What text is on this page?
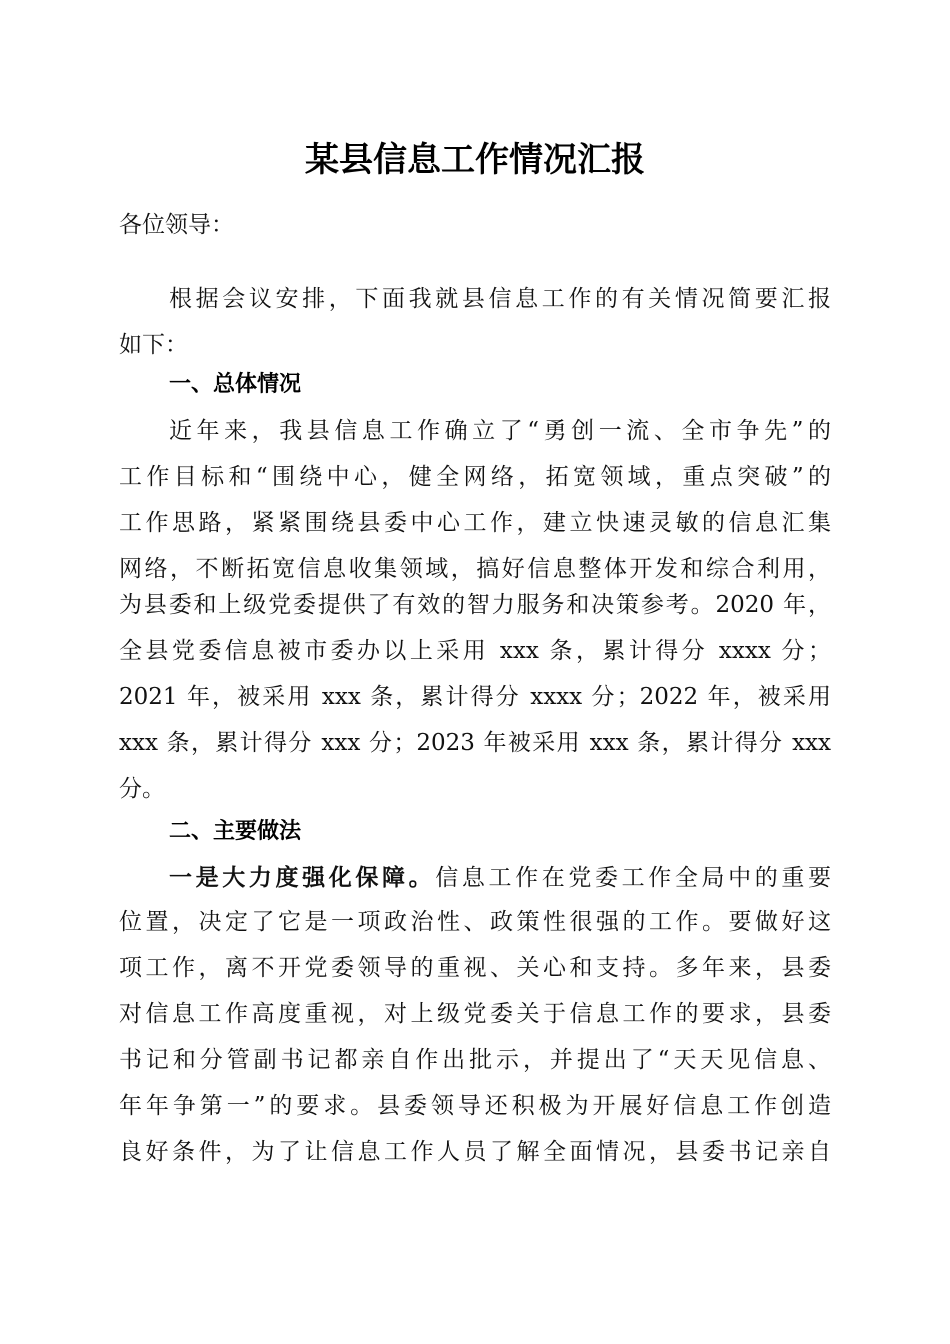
某县信息工作情况汇报
各位领导：
根据会议安排，下面我就县信息工作的有关情况简要汇报
如下：
一、总体情况
近年来，我县信息工作确立了“勇创一流、全市争先”的
工作目标和“围绕中心，健全网络，拓宽领域，重点突破”的
工作思路，紧紧围绕县委中心工作，建立快速灵敏的信息汇集
网络，不断拓宽信息收集领域，搞好信息整体开发和综合利用，
为县委和上级党委提供了有效的智力服务和决策参考。2020 年，
全县党委信息被市委办以上采用 xxx 条，累计得分 xxxx 分；
2021 年，被采用 xxx 条，累计得分 xxxx 分；2022 年，被采用
xxx 条，累计得分 xxx 分；2023 年被采用 xxx 条，累计得分 xxx
分。
二、主要做法
一是大力度强化保障。信息工作在党委工作全局中的重要
位置，决定了它是一项政治性、政策性很强的工作。要做好这
项工作，离不开党委领导的重视、关心和支持。多年来，县委
对信息工作高度重视，对上级党委关于信息工作的要求，县委
书记和分管副书记都亲自作出批示，并提出了“天天见信息、
年年争第一”的要求。县委领导还积极为开展好信息工作创造
良好条件，为了让信息工作人员了解全面情况，县委书记亲自
